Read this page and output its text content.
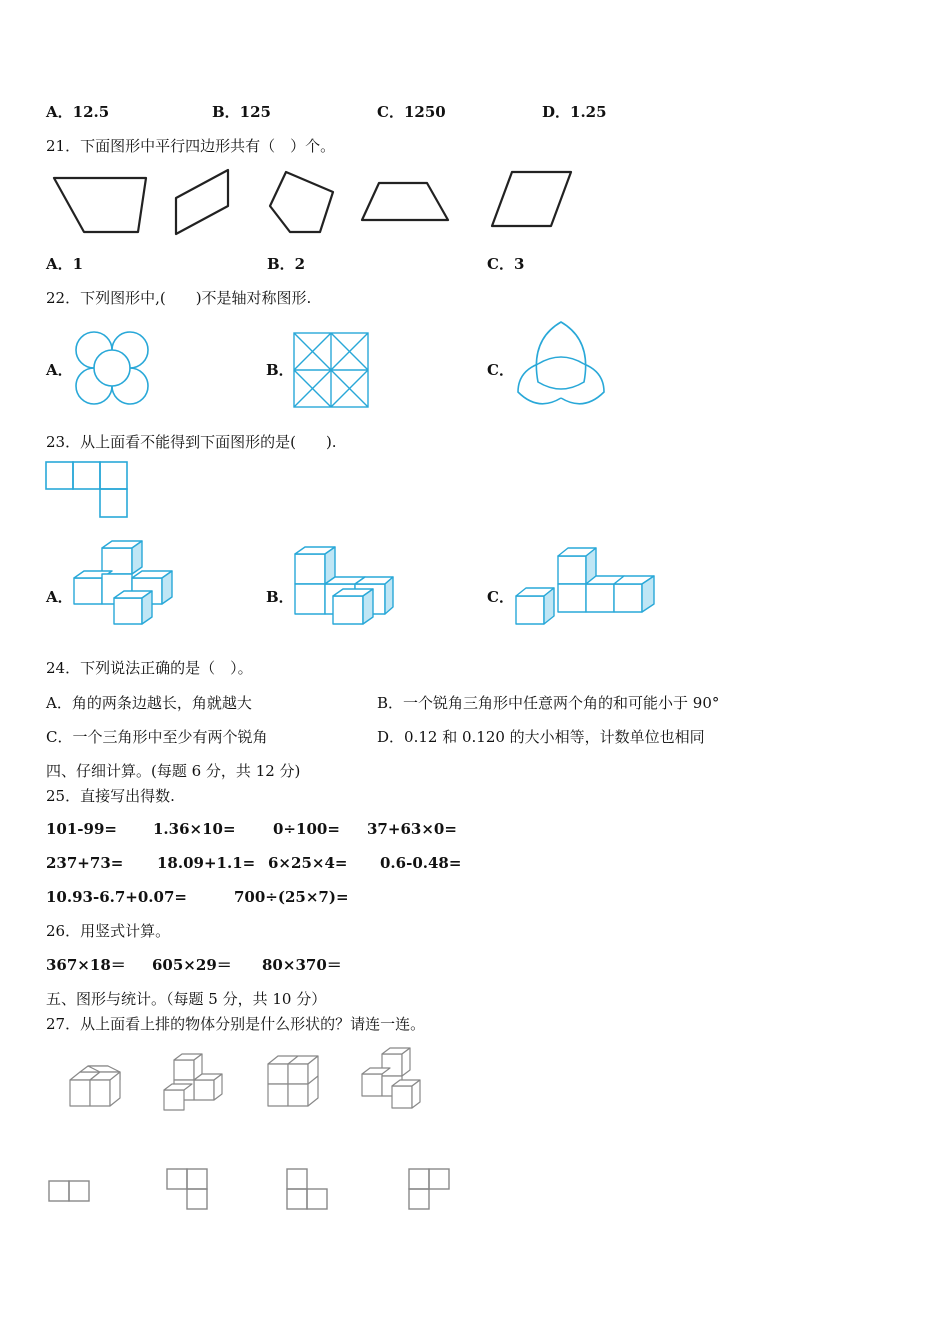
A．12.5	B．125	C．1250	D．1.25
21．下面图形中平行四边形共有（　）个。
A．1	B．2	C．3
22．下列图形中,(　　)不是轴对称图形.
A．	B．	C．
23．从上面看不能得到下面图形的是(　　).
A．	B．	C．
24．下列说法正确的是（　）。
A．角的两条边越长，角就越大	B．一个锐角三角形中任意两个角的和可能小于 90°
C．一个三角形中至少有两个锐角	D．0.12 和 0.120 的大小相等，计数单位也相同
四、仔细计算。(每题 6 分，共 12 分)
25．直接写出得数.
101-99= 1.36×10= 0÷100= 37+63×0=
237+73= 18.09+1.1= 6×25×4= 0.6-0.48=
10.93-6.7+0.07=	700÷(25×7)=
26．用竖式计算。
367×18＝ 605×29＝ 80×370＝
五、图形与统计。（每题 5 分，共 10 分）
27．从上面看上排的物体分别是什么形状的？请连一连。
